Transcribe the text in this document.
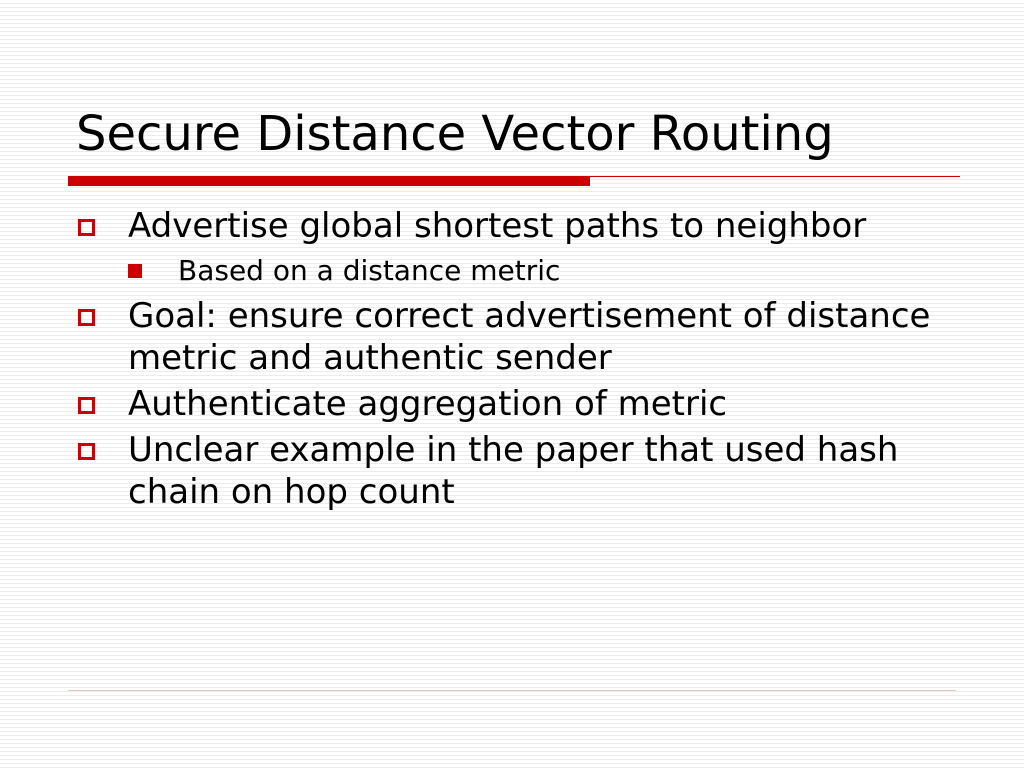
Secure Distance Vector Routing
Advertise global shortest paths to neighbor
Based on a distance metric
Goal: ensure correct advertisement of distance metric and authentic sender
Authenticate aggregation of metric
Unclear example in the paper that used hash chain on hop count
